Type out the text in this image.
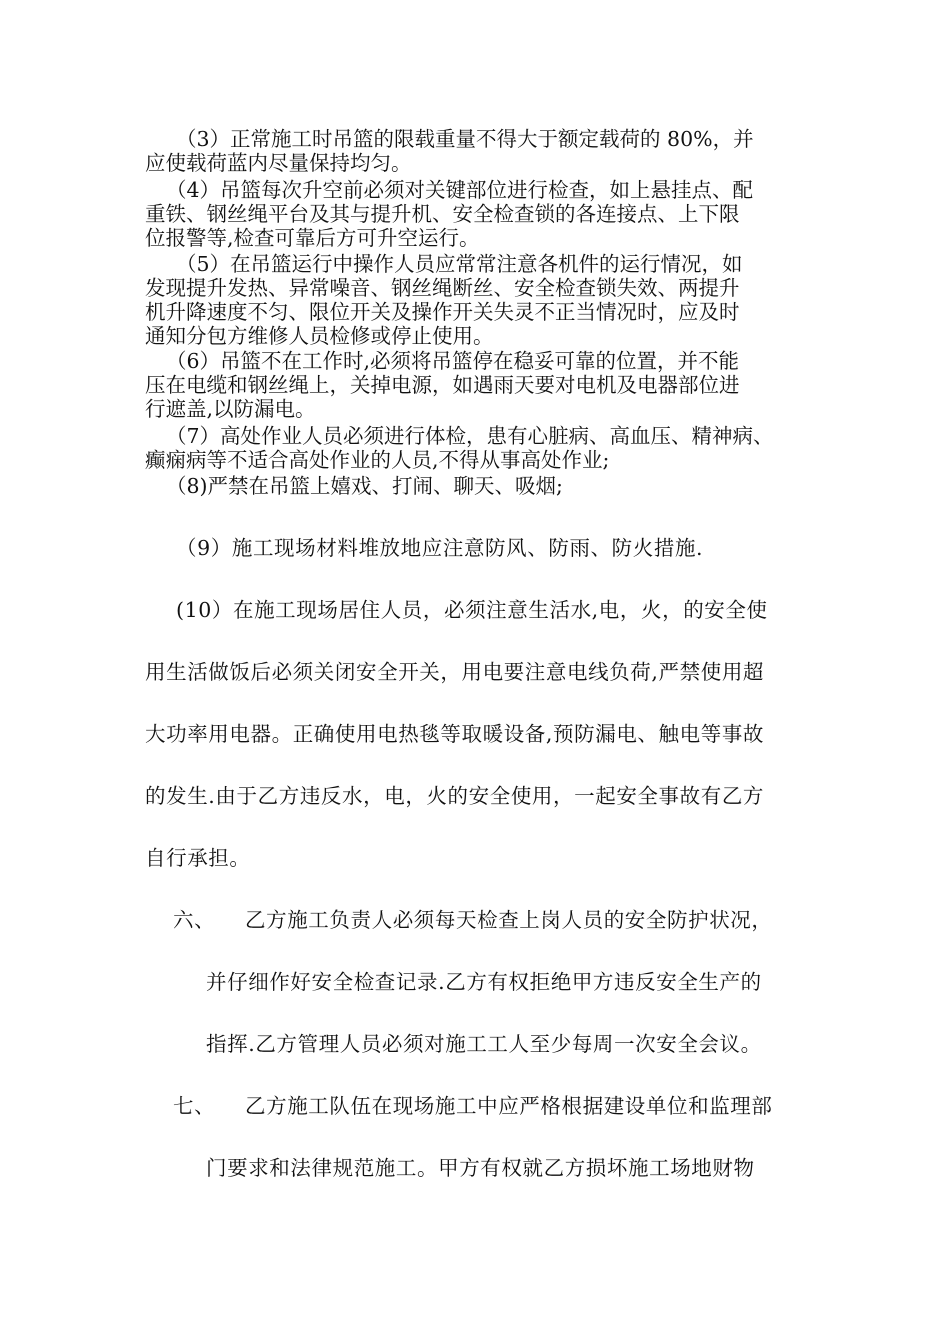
（3）正常施工时吊篮的限载重量不得大于额定载荷的 80%，并
应使载荷蓝内尽量保持均匀。
（4）吊篮每次升空前必须对关键部位进行检查，如上悬挂点、配
重铁、钢丝绳平台及其与提升机、安全检查锁的各连接点、上下限
位报警等,检查可靠后方可升空运行。
（5）在吊篮运行中操作人员应常常注意各机件的运行情况，如
发现提升发热、异常噪音、钢丝绳断丝、安全检查锁失效、两提升
机升降速度不匀、限位开关及操作开关失灵不正当情况时，应及时
通知分包方维修人员检修或停止使用。
（6）吊篮不在工作时,必须将吊篮停在稳妥可靠的位置，并不能
压在电缆和钢丝绳上，关掉电源，如遇雨天要对电机及电器部位进
行遮盖,以防漏电。
（7）高处作业人员必须进行体检，患有心脏病、高血压、精神病、
癫痫病等不适合高处作业的人员,不得从事高处作业;
（8)严禁在吊篮上嬉戏、打闹、聊天、吸烟;
（9）施工现场材料堆放地应注意防风、防雨、防火措施.
(10）在施工现场居住人员，必须注意生活水,电，火，的安全使
用生活做饭后必须关闭安全开关，用电要注意电线负荷,严禁使用超
大功率用电器。正确使用电热毯等取暖设备,预防漏电、触电等事故
的发生.由于乙方违反水，电，火的安全使用，一起安全事故有乙方
自行承担。
六、 乙方施工负责人必须每天检查上岗人员的安全防护状况，
并仔细作好安全检查记录.乙方有权拒绝甲方违反安全生产的
指挥.乙方管理人员必须对施工工人至少每周一次安全会议。
七、 乙方施工队伍在现场施工中应严格根据建设单位和监理部
门要求和法律规范施工。甲方有权就乙方损坏施工场地财物
